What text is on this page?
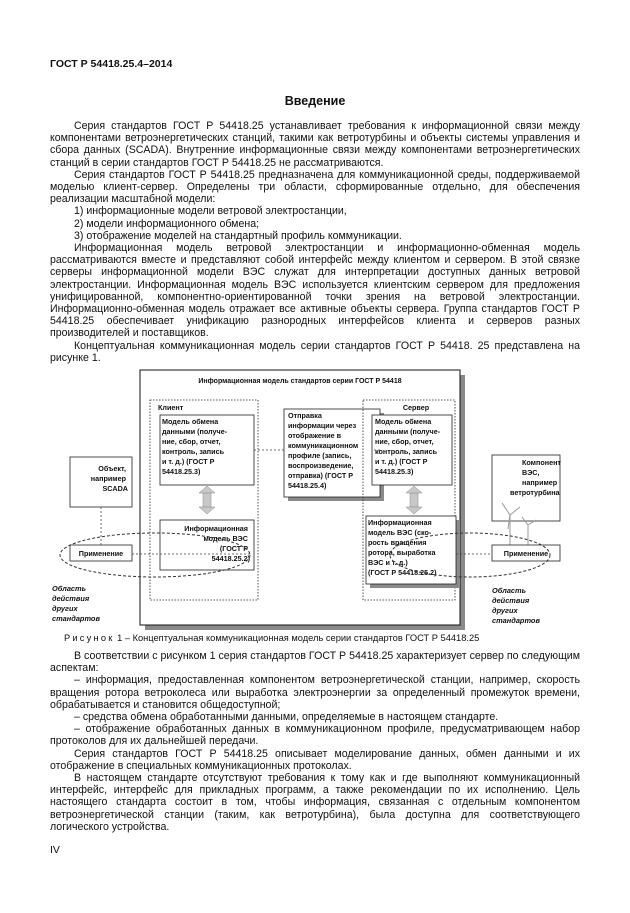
ГОСТ Р 54418.25.4–2014
Введение

Серия стандартов ГОСТ Р 54418.25 устанавливает требования к информационной связи между компонентами ветроэнергетических станций, такими как ветротурбины и объекты системы управления и сбора данных (SCADA). Внутренние информационные связи между компонентами ветроэнергетических станций в серии стандартов ГОСТ Р 54418.25 не рассматриваются.

Серия стандартов ГОСТ Р 54418.25 предназначена для коммуникационной среды, поддерживаемой моделью клиент-сервер. Определены три области, сформированные отдельно, для обеспечения реализации масштабной модели:

1) информационные модели ветровой электростанции,

2) модели информационного обмена;

3) отображение моделей на стандартный профиль коммуникации.

Информационная модель ветровой электростанции и информационно-обменная модель рассматриваются вместе и представляют собой интерфейс между клиентом и сервером. В этой связке серверы информационной модели ВЭС служат для интерпретации доступных данных ветровой электростанции. Информационная модель ВЭС используется клиентским сервером для предложения унифицированной, компонентно-ориентированной точки зрения на ветровой электростанции. Информационно-обменная модель отражает все активные объекты сервера. Группа стандартов ГОСТ Р 54418.25 обеспечивает унификацию разнородных интерфейсов клиента и серверов разных производителей и поставщиков.

Концептуальная коммуникационная модель серии стандартов ГОСТ Р 54418. 25 представлена на рисунке 1.

Информационная модель стандартов серии ГОСТ Р 54418
Клиент
Модель обмена данными (получе- ние, сбор, отчет, контроль, запись и т. д.) (ГОСТ Р 54418.25.3)
Отправка информации через отображение в коммуникационном профиле (запись, воспроизведение, отправка) (ГОСТ Р 54418.25.4)
Сервер
Модель обмена данными (получе- ние, сбор, отчет, контроль, запись и т. д.) (ГОСТ Р 54418.25.3)
Информационная модель ВЭС (ГОСТ Р 54418.25.2)
Информационная модель ВЭС (ско- рость вращения ротора, выработка ВЭС и т. д.) (ГОСТ Р 54418.25.2)
Объект, например SCADA
Применение
Компонент ВЭС, например ветротурбина
Применение
Область действия других стандартов
Область действия других стандартов
Рисунок 1 – Концептуальная коммуникационная модель серии стандартов ГОСТ Р 54418.25

В соответствии с рисунком 1 серия стандартов ГОСТ Р 54418.25 характеризует сервер по следующим аспектам:

– информация, предоставленная компонентом ветроэнергетической станции, например, скорость вращения ротора ветроколеса или выработка электроэнергии за определенный промежуток времени, обрабатывается и становится общедоступной;

– средства обмена обработанными данными, определяемые в настоящем стандарте.

– отображение обработанных данных в коммуникационном профиле, предусматривающем набор протоколов для их дальнейшей передачи.

Серия стандартов ГОСТ Р 54418.25 описывает моделирование данных, обмен данными и их отображение в специальных коммуникационных протоколах.

В настоящем стандарте отсутствуют требования к тому как и где выполняют коммуникационный интерфейс, интерфейс для прикладных программ, а также рекомендации по их исполнению. Цель настоящего стандарта состоит в том, чтобы информация, связанная с отдельным компонентом ветроэнергетической станции (таким, как ветротурбина), была доступна для соответствующего логического устройства.

IV
